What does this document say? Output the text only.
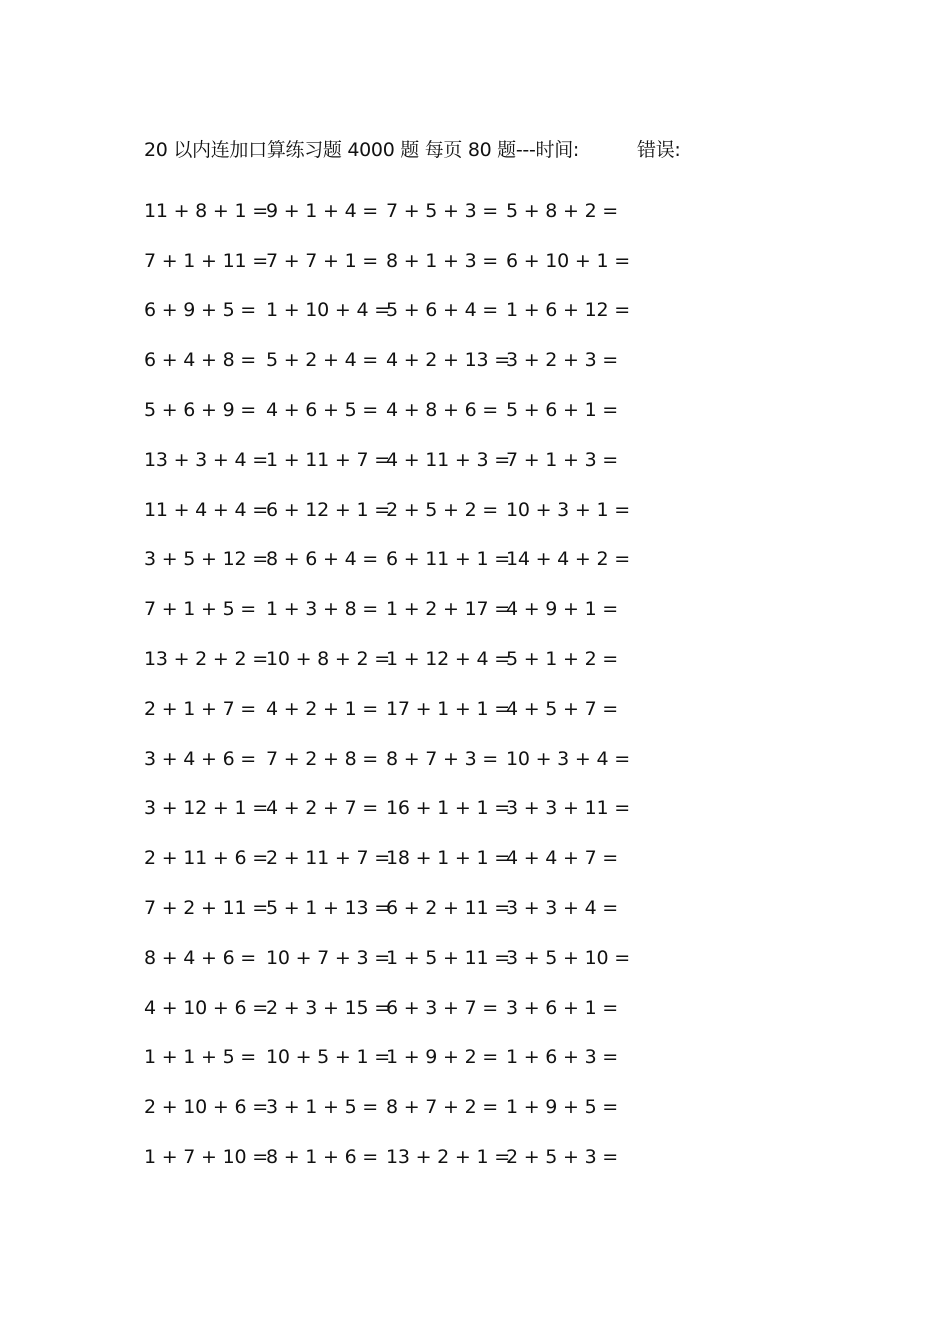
20 以内连加口算练习题 4000 题 每页 80 题---时间:	错误:
11 + 8 + 1 =
9 + 1 + 4 = 7 + 5 + 3 = 5 + 8 + 2 =
7 + 1 + 11 =
7 + 7 + 1 = 8 + 1 + 3 = 6 + 10 + 1 =
6 + 9 + 5 = 1 + 10 + 4 =
5 + 6 + 4 = 1 + 6 + 12 =
6 + 4 + 8 = 5 + 2 + 4 = 4 + 2 + 13 =
3 + 2 + 3 =
5 + 6 + 9 = 4 + 6 + 5 = 4 + 8 + 6 = 5 + 6 + 1 =
13 + 3 + 4 =
1 + 11 + 7 =
4 + 11 + 3 =
7 + 1 + 3 =
11 + 4 + 4 =
6 + 12 + 1 =
2 + 5 + 2 = 10 + 3 + 1 =
3 + 5 + 12 =
8 + 6 + 4 = 6 + 11 + 1 =
14 + 4 + 2 =
7 + 1 + 5 = 1 + 3 + 8 = 1 + 2 + 17 =
4 + 9 + 1 =
13 + 2 + 2 =
10 + 8 + 2 =
1 + 12 + 4 =
5 + 1 + 2 =
2 + 1 + 7 = 4 + 2 + 1 = 17 + 1 + 1 =
4 + 5 + 7 =
3 + 4 + 6 = 7 + 2 + 8 = 8 + 7 + 3 = 10 + 3 + 4 =
3 + 12 + 1 =
4 + 2 + 7 = 16 + 1 + 1 =
3 + 3 + 11 =
2 + 11 + 6 =
2 + 11 + 7 =
18 + 1 + 1 =
4 + 4 + 7 =
7 + 2 + 11 =
5 + 1 + 13 =
6 + 2 + 11 =
3 + 3 + 4 =
8 + 4 + 6 = 10 + 7 + 3 =
1 + 5 + 11 =
3 + 5 + 10 =
4 + 10 + 6 =
2 + 3 + 15 =
6 + 3 + 7 = 3 + 6 + 1 =
1 + 1 + 5 = 10 + 5 + 1 =
1 + 9 + 2 = 1 + 6 + 3 =
2 + 10 + 6 =
3 + 1 + 5 = 8 + 7 + 2 = 1 + 9 + 5 =
1 + 7 + 10 =
8 + 1 + 6 = 13 + 2 + 1 =
2 + 5 + 3 =
